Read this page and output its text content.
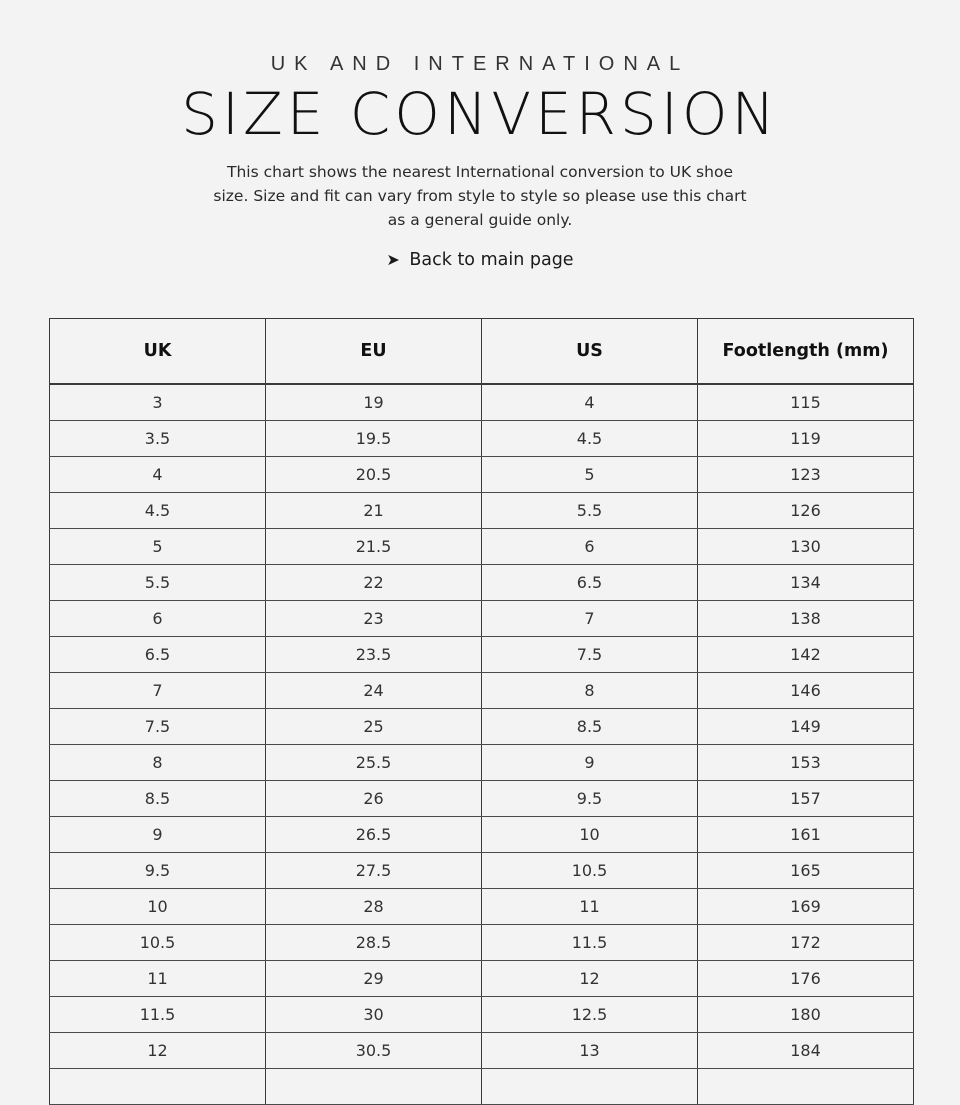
UK AND INTERNATIONAL
SIZE CONVERSION
This chart shows the nearest International conversion to UK shoe size. Size and fit can vary from style to style so please use this chart as a general guide only.
➤ Back to main page
UK	EU	US	Footlength (mm)
3	19	4	115
3.5	19.5	4.5	119
4	20.5	5	123
4.5	21	5.5	126
5	21.5	6	130
5.5	22	6.5	134
6	23	7	138
6.5	23.5	7.5	142
7	24	8	146
7.5	25	8.5	149
8	25.5	9	153
8.5	26	9.5	157
9	26.5	10	161
9.5	27.5	10.5	165
10	28	11	169
10.5	28.5	11.5	172
11	29	12	176
11.5	30	12.5	180
12	30.5	13	184
